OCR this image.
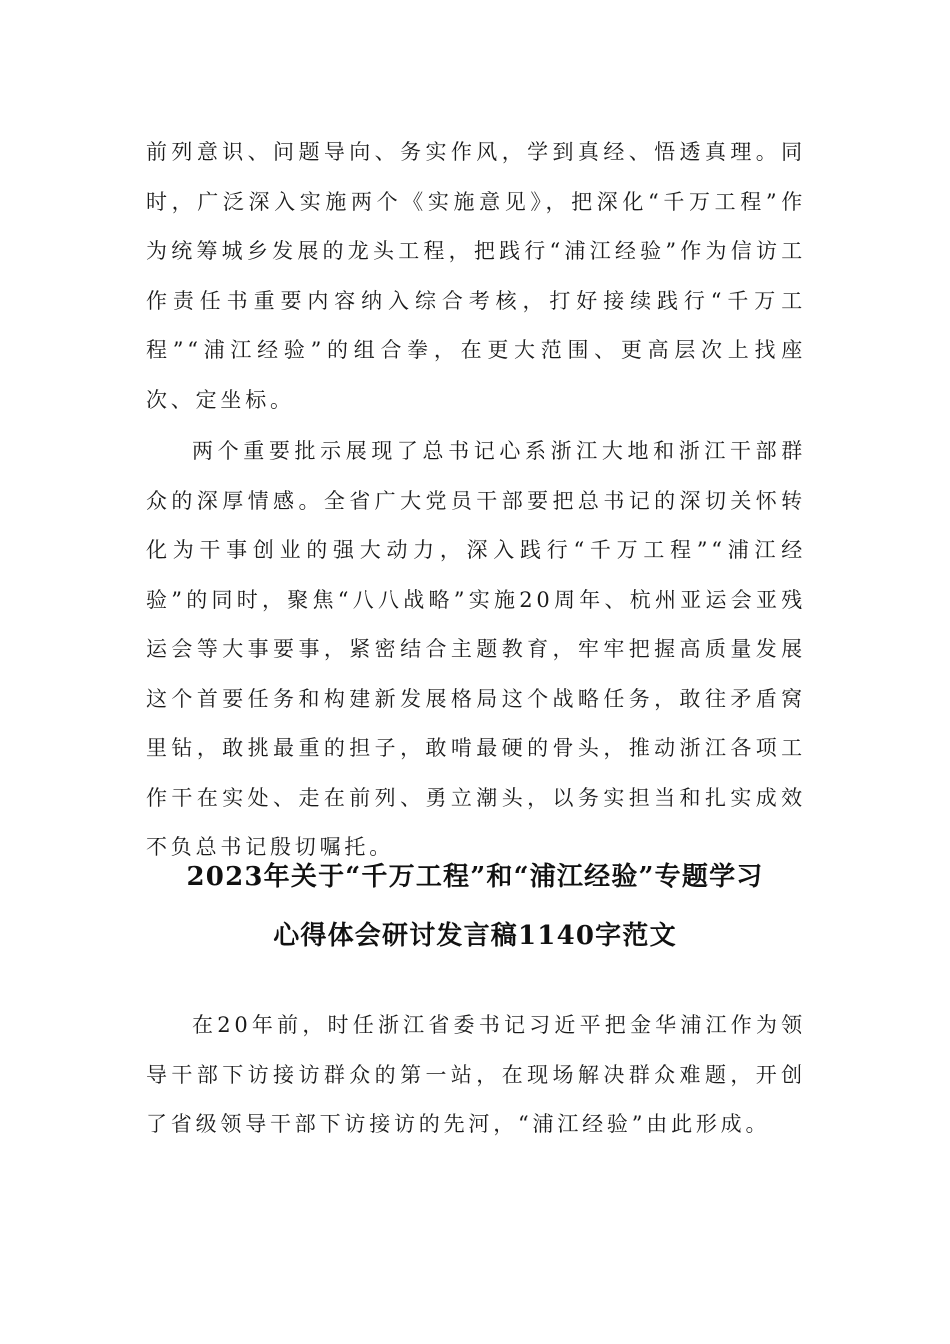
前列意识、问题导向、务实作风，学到真经、悟透真理。同时，广泛深入实施两个《实施意见》，把深化“千万工程”作为统筹城乡发展的龙头工程，把践行“浦江经验”作为信访工作责任书重要内容纳入综合考核，打好接续践行“千万工程”“浦江经验”的组合拳，在更大范围、更高层次上找座次、定坐标。

两个重要批示展现了总书记心系浙江大地和浙江干部群众的深厚情感。全省广大党员干部要把总书记的深切关怀转化为干事创业的强大动力，深入践行“千万工程”“浦江经验”的同时，聚焦“八八战略”实施20周年、杭州亚运会亚残运会等大事要事，紧密结合主题教育，牢牢把握高质量发展这个首要任务和构建新发展格局这个战略任务，敢往矛盾窝里钻，敢挑最重的担子，敢啃最硬的骨头，推动浙江各项工作干在实处、走在前列、勇立潮头，以务实担当和扎实成效不负总书记殷切嘱托。

2023年关于“千万工程”和“浦江经验”专题学习
心得体会研讨发言稿1140字范文

在20年前，时任浙江省委书记习近平把金华浦江作为领导干部下访接访群众的第一站，在现场解决群众难题，开创了省级领导干部下访接访的先河，“浦江经验”由此形成。
